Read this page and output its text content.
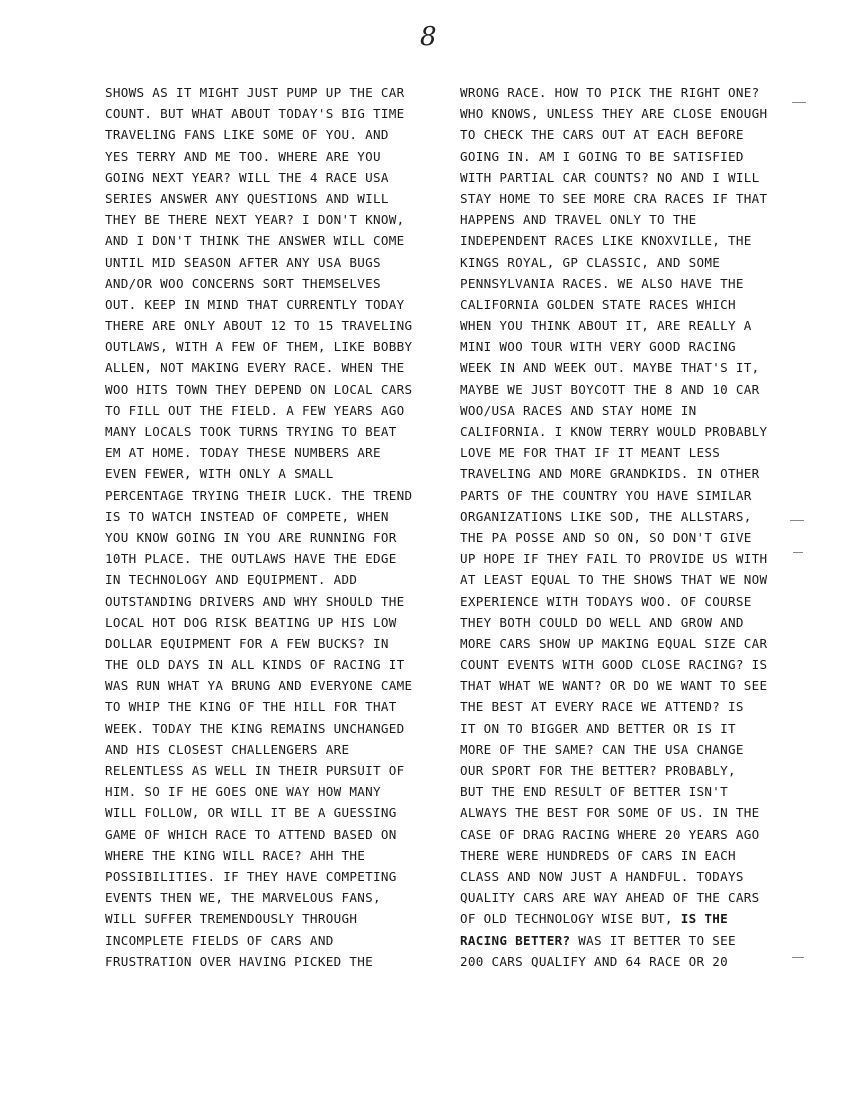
8
SHOWS AS IT MIGHT JUST PUMP UP THE CAR
COUNT. BUT WHAT ABOUT TODAY'S BIG TIME
TRAVELING FANS LIKE SOME OF YOU. AND
YES TERRY AND ME TOO. WHERE ARE YOU
GOING NEXT YEAR? WILL THE 4 RACE USA
SERIES ANSWER ANY QUESTIONS AND WILL
THEY BE THERE NEXT YEAR? I DON'T KNOW,
AND I DON'T THINK THE ANSWER WILL COME
UNTIL MID SEASON AFTER ANY USA BUGS
AND/OR WOO CONCERNS SORT THEMSELVES
OUT. KEEP IN MIND THAT CURRENTLY TODAY
THERE ARE ONLY ABOUT 12 TO 15 TRAVELING
OUTLAWS, WITH A FEW OF THEM, LIKE BOBBY
ALLEN, NOT MAKING EVERY RACE. WHEN THE
WOO HITS TOWN THEY DEPEND ON LOCAL CARS
TO FILL OUT THE FIELD. A FEW YEARS AGO
MANY LOCALS TOOK TURNS TRYING TO BEAT
EM AT HOME. TODAY THESE NUMBERS ARE
EVEN FEWER, WITH ONLY A SMALL
PERCENTAGE TRYING THEIR LUCK. THE TREND
IS TO WATCH INSTEAD OF COMPETE, WHEN
YOU KNOW GOING IN YOU ARE RUNNING FOR
10TH PLACE. THE OUTLAWS HAVE THE EDGE
IN TECHNOLOGY AND EQUIPMENT. ADD
OUTSTANDING DRIVERS AND WHY SHOULD THE
LOCAL HOT DOG RISK BEATING UP HIS LOW
DOLLAR EQUIPMENT FOR A FEW BUCKS? IN
THE OLD DAYS IN ALL KINDS OF RACING IT
WAS RUN WHAT YA BRUNG AND EVERYONE CAME
TO WHIP THE KING OF THE HILL FOR THAT
WEEK. TODAY THE KING REMAINS UNCHANGED
AND HIS CLOSEST CHALLENGERS ARE
RELENTLESS AS WELL IN THEIR PURSUIT OF
HIM. SO IF HE GOES ONE WAY HOW MANY
WILL FOLLOW, OR WILL IT BE A GUESSING
GAME OF WHICH RACE TO ATTEND BASED ON
WHERE THE KING WILL RACE? AHH THE
POSSIBILITIES. IF THEY HAVE COMPETING
EVENTS THEN WE, THE MARVELOUS FANS,
WILL SUFFER TREMENDOUSLY THROUGH
INCOMPLETE FIELDS OF CARS AND
FRUSTRATION OVER HAVING PICKED THE
WRONG RACE. HOW TO PICK THE RIGHT ONE?
WHO KNOWS, UNLESS THEY ARE CLOSE ENOUGH
TO CHECK THE CARS OUT AT EACH BEFORE
GOING IN. AM I GOING TO BE SATISFIED
WITH PARTIAL CAR COUNTS? NO AND I WILL
STAY HOME TO SEE MORE CRA RACES IF THAT
HAPPENS AND TRAVEL ONLY TO THE
INDEPENDENT RACES LIKE KNOXVILLE, THE
KINGS ROYAL, GP CLASSIC, AND SOME
PENNSYLVANIA RACES. WE ALSO HAVE THE
CALIFORNIA GOLDEN STATE RACES WHICH
WHEN YOU THINK ABOUT IT, ARE REALLY A
MINI WOO TOUR WITH VERY GOOD RACING
WEEK IN AND WEEK OUT. MAYBE THAT'S IT,
MAYBE WE JUST BOYCOTT THE 8 AND 10 CAR
WOO/USA RACES AND STAY HOME IN
CALIFORNIA. I KNOW TERRY WOULD PROBABLY
LOVE ME FOR THAT IF IT MEANT LESS
TRAVELING AND MORE GRANDKIDS. IN OTHER
PARTS OF THE COUNTRY YOU HAVE SIMILAR
ORGANIZATIONS LIKE SOD, THE ALLSTARS,
THE PA POSSE AND SO ON, SO DON'T GIVE
UP HOPE IF THEY FAIL TO PROVIDE US WITH
AT LEAST EQUAL TO THE SHOWS THAT WE NOW
EXPERIENCE WITH TODAYS WOO. OF COURSE
THEY BOTH COULD DO WELL AND GROW AND
MORE CARS SHOW UP MAKING EQUAL SIZE CAR
COUNT EVENTS WITH GOOD CLOSE RACING? IS
THAT WHAT WE WANT? OR DO WE WANT TO SEE
THE BEST AT EVERY RACE WE ATTEND? IS
IT ON TO BIGGER AND BETTER OR IS IT
MORE OF THE SAME? CAN THE USA CHANGE
OUR SPORT FOR THE BETTER? PROBABLY,
BUT THE END RESULT OF BETTER ISN'T
ALWAYS THE BEST FOR SOME OF US. IN THE
CASE OF DRAG RACING WHERE 20 YEARS AGO
THERE WERE HUNDREDS OF CARS IN EACH
CLASS AND NOW JUST A HANDFUL. TODAYS
QUALITY CARS ARE WAY AHEAD OF THE CARS
OF OLD TECHNOLOGY WISE BUT, IS THE
RACING BETTER? WAS IT BETTER TO SEE
200 CARS QUALIFY AND 64 RACE OR 20
